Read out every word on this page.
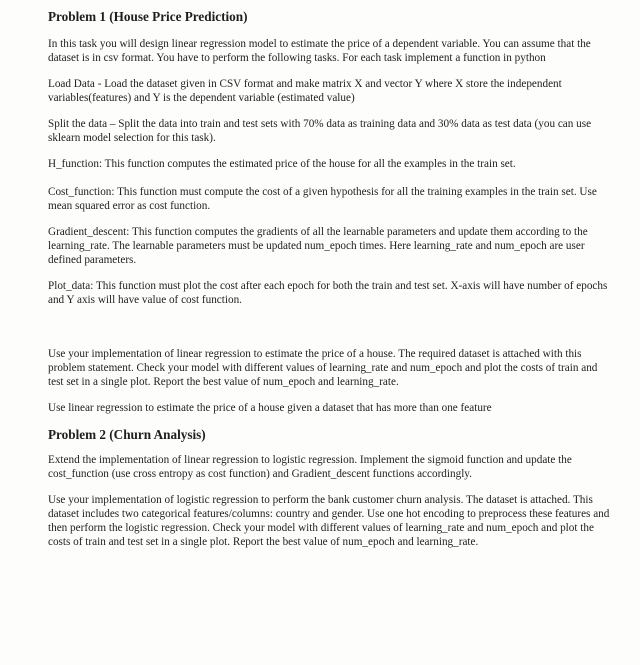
Problem 1 (House Price Prediction)

In this task you will design linear regression model to estimate the price of a dependent variable. You can assume that the dataset is in csv format. You have to perform the following tasks. For each task implement a function in python

Load Data - Load the dataset given in CSV format and make matrix X and vector Y where X store the independent variables(features) and Y is the dependent variable (estimated value)

Split the data – Split the data into train and test sets with 70% data as training data and 30% data as test data (you can use sklearn model selection for this task).

H_function: This function computes the estimated price of the house for all the examples in the train set.

Cost_function: This function must compute the cost of a given hypothesis for all the training examples in the train set. Use mean squared error as cost function.

Gradient_descent: This function computes the gradients of all the learnable parameters and update them according to the learning_rate. The learnable parameters must be updated num_epoch times. Here learning_rate and num_epoch are user defined parameters.

Plot_data: This function must plot the cost after each epoch for both the train and test set. X-axis will have number of epochs and Y axis will have value of cost function.

Use your implementation of linear regression to estimate the price of a house. The required dataset is attached with this problem statement. Check your model with different values of learning_rate and num_epoch and plot the costs of train and test set in a single plot. Report the best value of num_epoch and learning_rate.

Use linear regression to estimate the price of a house given a dataset that has more than one feature

Problem 2 (Churn Analysis)

Extend the implementation of linear regression to logistic regression. Implement the sigmoid function and update the cost_function (use cross entropy as cost function) and Gradient_descent functions accordingly.

Use your implementation of logistic regression to perform the bank customer churn analysis. The dataset is attached. This dataset includes two categorical features/columns: country and gender. Use one hot encoding to preprocess these features and then perform the logistic regression. Check your model with different values of learning_rate and num_epoch and plot the costs of train and test set in a single plot. Report the best value of num_epoch and learning_rate.
